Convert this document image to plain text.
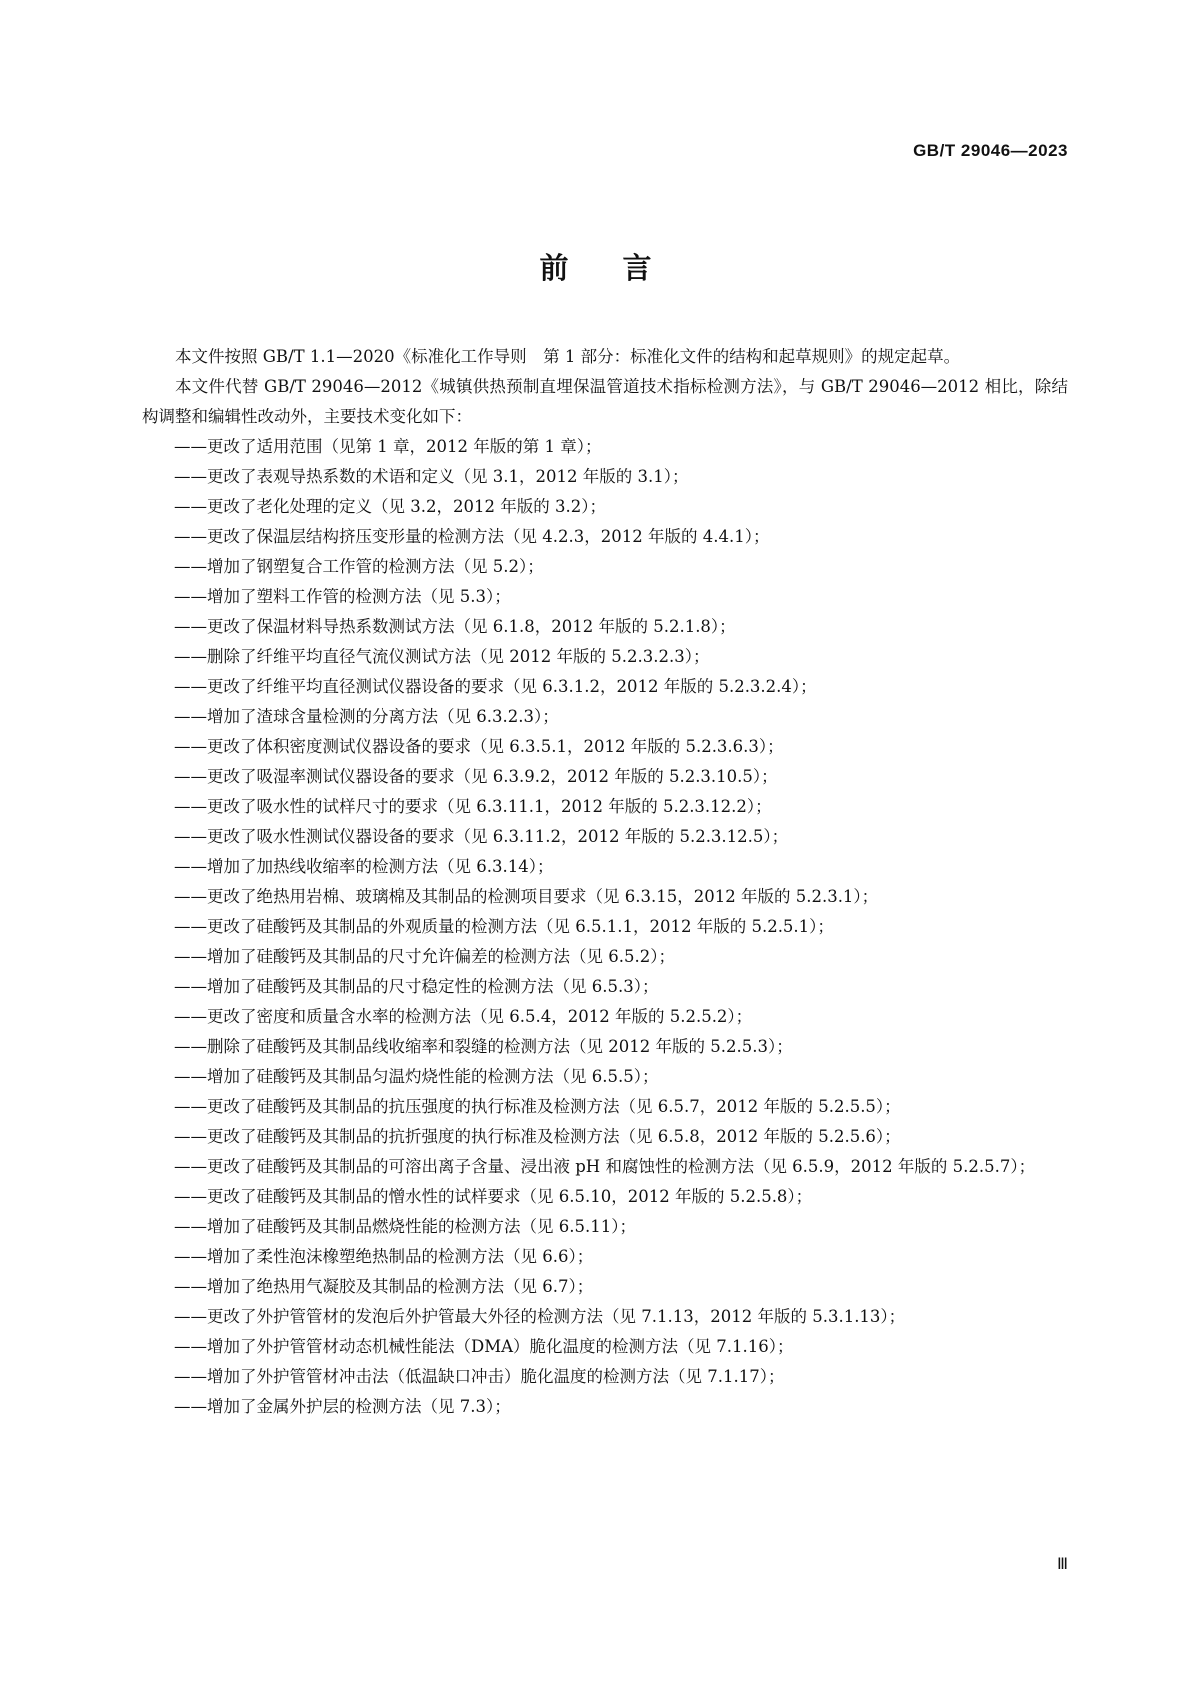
GB/T 29046—2023
前言

本文件按照 GB/T 1.1—2020《标准化工作导则　第 1 部分：标准化文件的结构和起草规则》的规定起草。

本文件代替 GB/T 29046—2012《城镇供热预制直埋保温管道技术指标检测方法》，与 GB/T 29046—2012 相比，除结构调整和编辑性改动外，主要技术变化如下：

——更改了适用范围（见第 1 章，2012 年版的第 1 章）；

——更改了表观导热系数的术语和定义（见 3.1，2012 年版的 3.1）；

——更改了老化处理的定义（见 3.2，2012 年版的 3.2）；

——更改了保温层结构挤压变形量的检测方法（见 4.2.3，2012 年版的 4.4.1）；

——增加了钢塑复合工作管的检测方法（见 5.2）；

——增加了塑料工作管的检测方法（见 5.3）；

——更改了保温材料导热系数测试方法（见 6.1.8，2012 年版的 5.2.1.8）；

——删除了纤维平均直径气流仪测试方法（见 2012 年版的 5.2.3.2.3）；

——更改了纤维平均直径测试仪器设备的要求（见 6.3.1.2，2012 年版的 5.2.3.2.4）；

——增加了渣球含量检测的分离方法（见 6.3.2.3）；

——更改了体积密度测试仪器设备的要求（见 6.3.5.1，2012 年版的 5.2.3.6.3）；

——更改了吸湿率测试仪器设备的要求（见 6.3.9.2，2012 年版的 5.2.3.10.5）；

——更改了吸水性的试样尺寸的要求（见 6.3.11.1，2012 年版的 5.2.3.12.2）；

——更改了吸水性测试仪器设备的要求（见 6.3.11.2，2012 年版的 5.2.3.12.5）；

——增加了加热线收缩率的检测方法（见 6.3.14）；

——更改了绝热用岩棉、玻璃棉及其制品的检测项目要求（见 6.3.15，2012 年版的 5.2.3.1）；

——更改了硅酸钙及其制品的外观质量的检测方法（见 6.5.1.1，2012 年版的 5.2.5.1）；

——增加了硅酸钙及其制品的尺寸允许偏差的检测方法（见 6.5.2）；

——增加了硅酸钙及其制品的尺寸稳定性的检测方法（见 6.5.3）；

——更改了密度和质量含水率的检测方法（见 6.5.4，2012 年版的 5.2.5.2）；

——删除了硅酸钙及其制品线收缩率和裂缝的检测方法（见 2012 年版的 5.2.5.3）；

——增加了硅酸钙及其制品匀温灼烧性能的检测方法（见 6.5.5）；

——更改了硅酸钙及其制品的抗压强度的执行标准及检测方法（见 6.5.7，2012 年版的 5.2.5.5）；

——更改了硅酸钙及其制品的抗折强度的执行标准及检测方法（见 6.5.8，2012 年版的 5.2.5.6）；

——更改了硅酸钙及其制品的可溶出离子含量、浸出液 pH 和腐蚀性的检测方法（见 6.5.9，2012 年版的 5.2.5.7）；

——更改了硅酸钙及其制品的憎水性的试样要求（见 6.5.10，2012 年版的 5.2.5.8）；

——增加了硅酸钙及其制品燃烧性能的检测方法（见 6.5.11）；

——增加了柔性泡沫橡塑绝热制品的检测方法（见 6.6）；

——增加了绝热用气凝胶及其制品的检测方法（见 6.7）；

——更改了外护管管材的发泡后外护管最大外径的检测方法（见 7.1.13，2012 年版的 5.3.1.13）；

——增加了外护管管材动态机械性能法（DMA）脆化温度的检测方法（见 7.1.16）；

——增加了外护管管材冲击法（低温缺口冲击）脆化温度的检测方法（见 7.1.17）；

——增加了金属外护层的检测方法（见 7.3）；

Ⅲ
